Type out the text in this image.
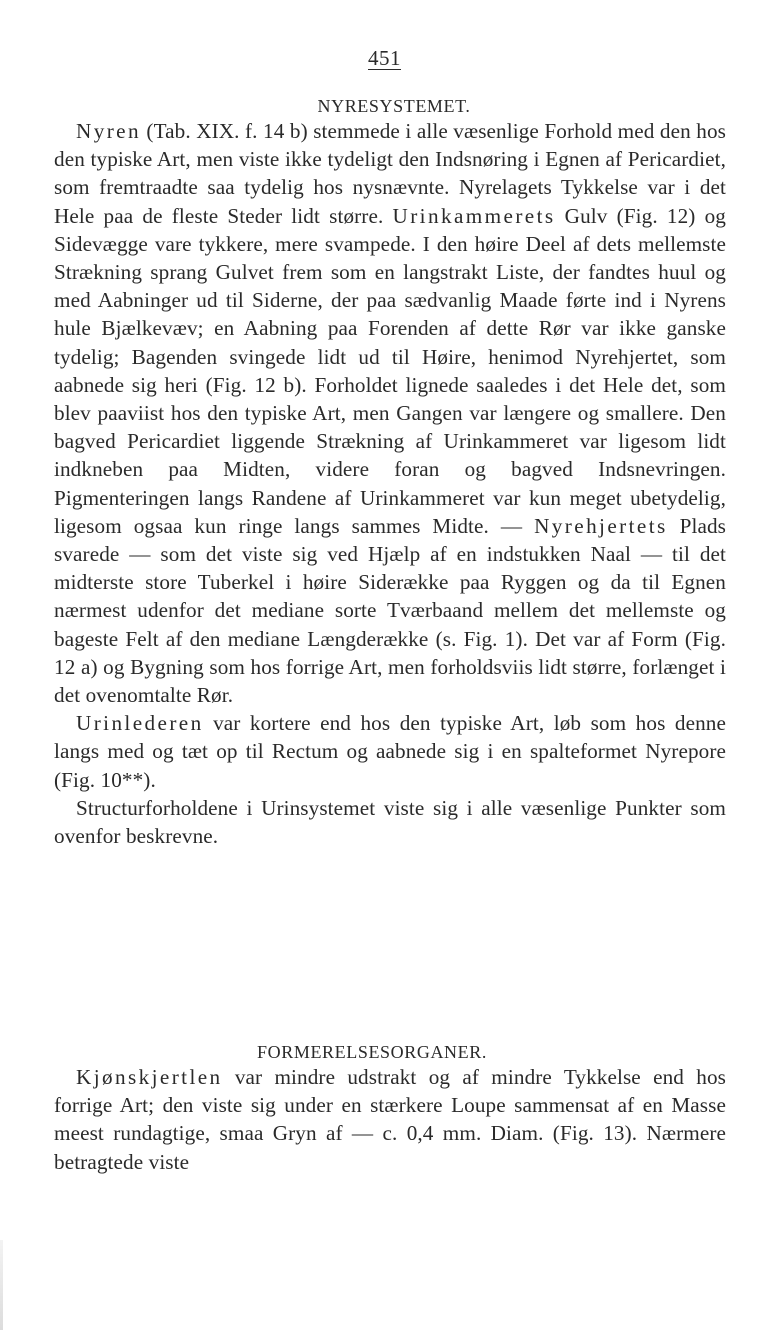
451
NYRESYSTEMET.

Nyren (Tab. XIX. f. 14 b) stemmede i alle væsenlige Forhold med den hos den typiske Art, men viste ikke tydeligt den Indsnøring i Egnen af Pericardiet, som fremtraadte saa tydelig hos nysnævnte. Nyrelagets Tykkelse var i det Hele paa de fleste Steder lidt større. Urinkammerets Gulv (Fig. 12) og Sidevægge vare tykkere, mere svampede. I den høire Deel af dets mellemste Strækning sprang Gulvet frem som en langstrakt Liste, der fandtes huul og med Aabninger ud til Siderne, der paa sædvanlig Maade førte ind i Nyrens hule Bjælkevæv; en Aabning paa Forenden af dette Rør var ikke ganske tydelig; Bagenden svingede lidt ud til Høire, henimod Nyrehjertet, som aabnede sig heri (Fig. 12 b). Forholdet lignede saaledes i det Hele det, som blev paaviist hos den typiske Art, men Gangen var længere og smallere. Den bagved Pericardiet liggende Strækning af Urinkammeret var ligesom lidt indkneben paa Midten, videre foran og bagved Indsnevringen. Pigmenteringen langs Randene af Urinkammeret var kun meget ubetydelig, ligesom ogsaa kun ringe langs sammes Midte. — Nyrehjertets Plads svarede — som det viste sig ved Hjælp af en indstukken Naal — til det midterste store Tuberkel i høire Siderække paa Ryggen og da til Egnen nærmest udenfor det mediane sorte Tværbaand mellem det mellemste og bageste Felt af den mediane Længderække (s. Fig. 1). Det var af Form (Fig. 12 a) og Bygning som hos forrige Art, men forholdsviis lidt større, forlænget i det ovenomtalte Rør.

Urinlederen var kortere end hos den typiske Art, løb som hos denne langs med og tæt op til Rectum og aabnede sig i en spalteformet Nyrepore (Fig. 10**).

Structurforholdene i Urinsystemet viste sig i alle væsenlige Punkter som ovenfor beskrevne.

FORMERELSESORGANER.

Kjønskjertlen var mindre udstrakt og af mindre Tykkelse end hos forrige Art; den viste sig under en stærkere Loupe sammensat af en Masse meest rundagtige, smaa Gryn af — c. 0,4 mm. Diam. (Fig. 13). Nærmere betragtede viste
